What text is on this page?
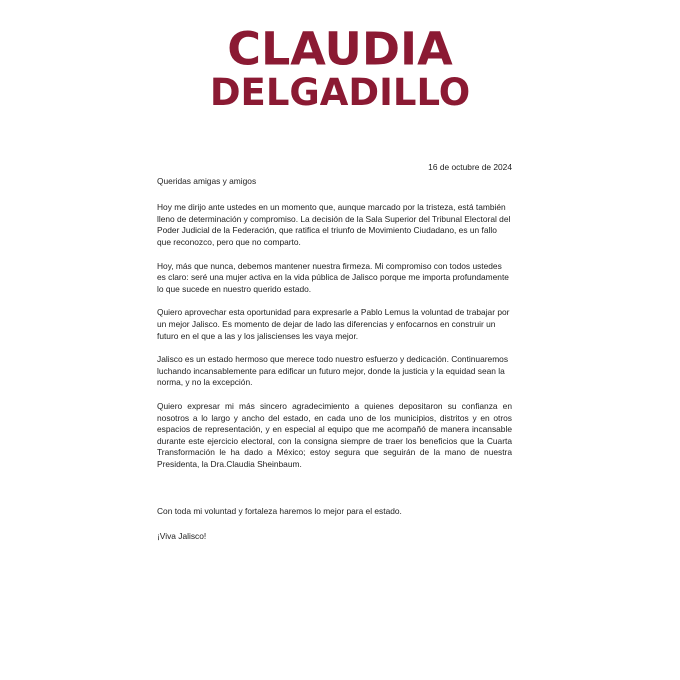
CLAUDIA
DELGADILLO

16 de octubre de 2024

Queridas amigas y amigos

Hoy me dirijo ante ustedes en un momento que, aunque marcado por la tristeza, está también lleno de determinación y compromiso. La decisión de la Sala Superior del Tribunal Electoral del Poder Judicial de la Federación, que ratifica el triunfo de Movimiento Ciudadano, es un fallo que reconozco, pero que no comparto.

Hoy, más que nunca, debemos mantener nuestra firmeza. Mi compromiso con todos ustedes es claro: seré una mujer activa en la vida pública de Jalisco porque me importa profundamente lo que sucede en nuestro querido estado.

Quiero aprovechar esta oportunidad para expresarle a Pablo Lemus la voluntad de trabajar por un mejor Jalisco. Es momento de dejar de lado las diferencias y enfocarnos en construir un futuro en el que a las y los jaliscienses les vaya mejor.

Jalisco es un estado hermoso que merece todo nuestro esfuerzo y dedicación. Continuaremos luchando incansablemente para edificar un futuro mejor, donde la justicia y la equidad sean la norma, y no la excepción.

Quiero expresar mi más sincero agradecimiento a quienes depositaron su confianza en nosotros a lo largo y ancho del estado, en cada uno de los municipios, distritos y en otros espacios de representación, y en especial al equipo que me acompañó de manera incansable durante este ejercicio electoral, con la consigna siempre de traer los beneficios que la Cuarta Transformación le ha dado a México; estoy segura que seguirán de la mano de nuestra Presidenta, la Dra.Claudia Sheinbaum.

Con toda mi voluntad y fortaleza haremos lo mejor para el estado.

¡Viva Jalisco!
